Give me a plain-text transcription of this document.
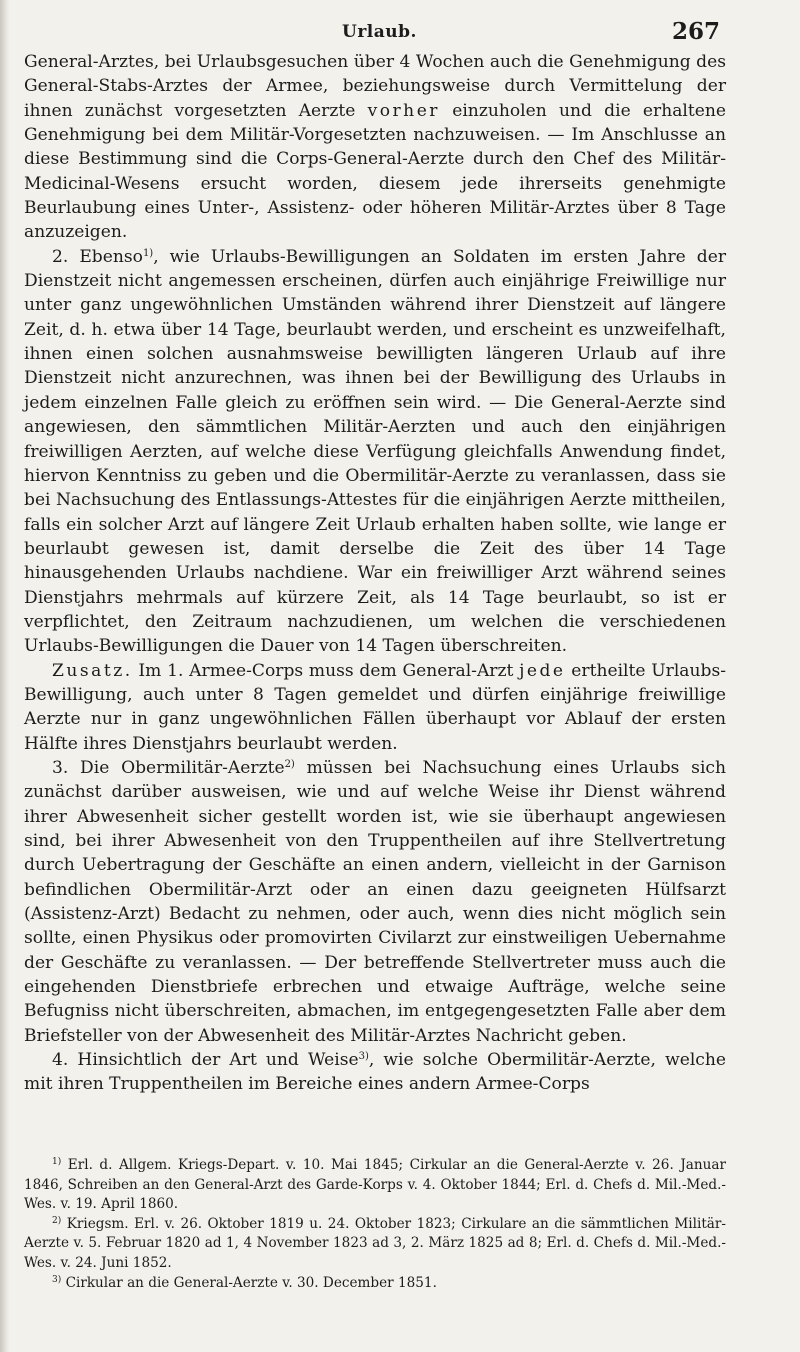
Urlaub.	267

General-Arztes, bei Urlaubsgesuchen über 4 Wochen auch die Genehmigung des General-Stabs-Arztes der Armee, beziehungsweise durch Vermittelung der ihnen zunächst vorgesetzten Aerzte vorher einzuholen und die erhaltene Genehmigung bei dem Militär-Vorgesetzten nachzuweisen. — Im Anschlusse an diese Bestimmung sind die Corps-General-Aerzte durch den Chef des Militär-Medicinal-Wesens ersucht worden, diesem jede ihrerseits genehmigte Beurlaubung eines Unter-, Assistenz- oder höheren Militär-Arztes über 8 Tage anzuzeigen.

2. Ebenso$^{1)}$, wie Urlaubs-Bewilligungen an Soldaten im ersten Jahre der Dienstzeit nicht angemessen erscheinen, dürfen auch einjährige Freiwillige nur unter ganz ungewöhnlichen Umständen während ihrer Dienstzeit auf längere Zeit, d. h. etwa über 14 Tage, beurlaubt werden, und erscheint es unzweifelhaft, ihnen einen solchen ausnahmsweise bewilligten längeren Urlaub auf ihre Dienstzeit nicht anzurechnen, was ihnen bei der Bewilligung des Urlaubs in jedem einzelnen Falle gleich zu eröffnen sein wird. — Die General-Aerzte sind angewiesen, den sämmtlichen Militär-Aerzten und auch den einjährigen freiwilligen Aerzten, auf welche diese Verfügung gleichfalls Anwendung findet, hiervon Kenntniss zu geben und die Obermilitär-Aerzte zu veranlassen, dass sie bei Nachsuchung des Entlassungs-Attestes für die einjährigen Aerzte mittheilen, falls ein solcher Arzt auf längere Zeit Urlaub erhalten haben sollte, wie lange er beurlaubt gewesen ist, damit derselbe die Zeit des über 14 Tage hinausgehenden Urlaubs nachdiene. War ein freiwilliger Arzt während seines Dienstjahrs mehrmals auf kürzere Zeit, als 14 Tage beurlaubt, so ist er verpflichtet, den Zeitraum nachzudienen, um welchen die verschiedenen Urlaubs-Bewilligungen die Dauer von 14 Tagen überschreiten.

Zusatz. Im 1. Armee-Corps muss dem General-Arzt jede ertheilte Urlaubs-Bewilligung, auch unter 8 Tagen gemeldet und dürfen einjährige freiwillige Aerzte nur in ganz ungewöhnlichen Fällen überhaupt vor Ablauf der ersten Hälfte ihres Dienstjahrs beurlaubt werden.

3. Die Obermilitär-Aerzte$^{2)}$ müssen bei Nachsuchung eines Urlaubs sich zunächst darüber ausweisen, wie und auf welche Weise ihr Dienst während ihrer Abwesenheit sicher gestellt worden ist, wie sie überhaupt angewiesen sind, bei ihrer Abwesenheit von den Truppentheilen auf ihre Stellvertretung durch Uebertragung der Geschäfte an einen andern, vielleicht in der Garnison befindlichen Obermilitär-Arzt oder an einen dazu geeigneten Hülfsarzt (Assistenz-Arzt) Bedacht zu nehmen, oder auch, wenn dies nicht möglich sein sollte, einen Physikus oder promovirten Civilarzt zur einstweiligen Uebernahme der Geschäfte zu veranlassen. — Der betreffende Stellvertreter muss auch die eingehenden Dienstbriefe erbrechen und etwaige Aufträge, welche seine Befugniss nicht überschreiten, abmachen, im entgegengesetzten Falle aber dem Briefsteller von der Abwesenheit des Militär-Arztes Nachricht geben.

4. Hinsichtlich der Art und Weise$^{3)}$, wie solche Obermilitär-Aerzte, welche mit ihren Truppentheilen im Bereiche eines andern Armee-Corps

$^{1)}$ Erl. d. Allgem. Kriegs-Depart. v. 10. Mai 1845; Cirkular an die General-Aerzte v. 26. Januar 1846, Schreiben an den General-Arzt des Garde-Korps v. 4. Oktober 1844; Erl. d. Chefs d. Mil.-Med.-Wes. v. 19. April 1860.

$^{2)}$ Kriegsm. Erl. v. 26. Oktober 1819 u. 24. Oktober 1823; Cirkulare an die sämmtlichen Militär-Aerzte v. 5. Februar 1820 ad 1, 4 November 1823 ad 3, 2. März 1825 ad 8; Erl. d. Chefs d. Mil.-Med.-Wes. v. 24. Juni 1852.

$^{3)}$ Cirkular an die General-Aerzte v. 30. December 1851.
